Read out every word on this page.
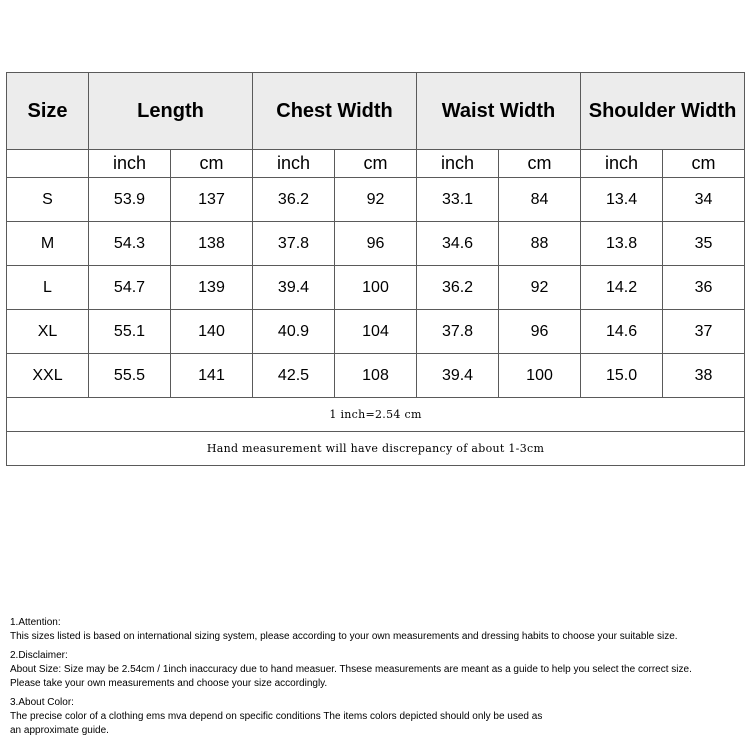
Size	Length		Chest Width		Waist Width		Shoulder Width	
	inch	cm	inch	cm	inch	cm	inch	cm
S	53.9	137	36.2	92	33.1	84	13.4	34
M	54.3	138	37.8	96	34.6	88	13.8	35
L	54.7	139	39.4	100	36.2	92	14.2	36
XL	55.1	140	40.9	104	37.8	96	14.6	37
XXL	55.5	141	42.5	108	39.4	100	15.0	38
1 inch=2.54 cm								
Hand measurement will have discrepancy of about 1-3cm								

1.Attention:

This sizes listed is based on international sizing system, please according to your own measurements and dressing habits to choose your suitable size.

2.Disclaimer:

About Size: Size may be 2.54cm / 1inch inaccuracy due to hand measuer. Thsese measurements are meant as a guide to help you select the correct size.

Please take your own measurements and choose your size accordingly.

3.About Color:

The precise color of a clothing ems mva depend on specific conditions The items colors depicted should only be used as

an approximate guide.
